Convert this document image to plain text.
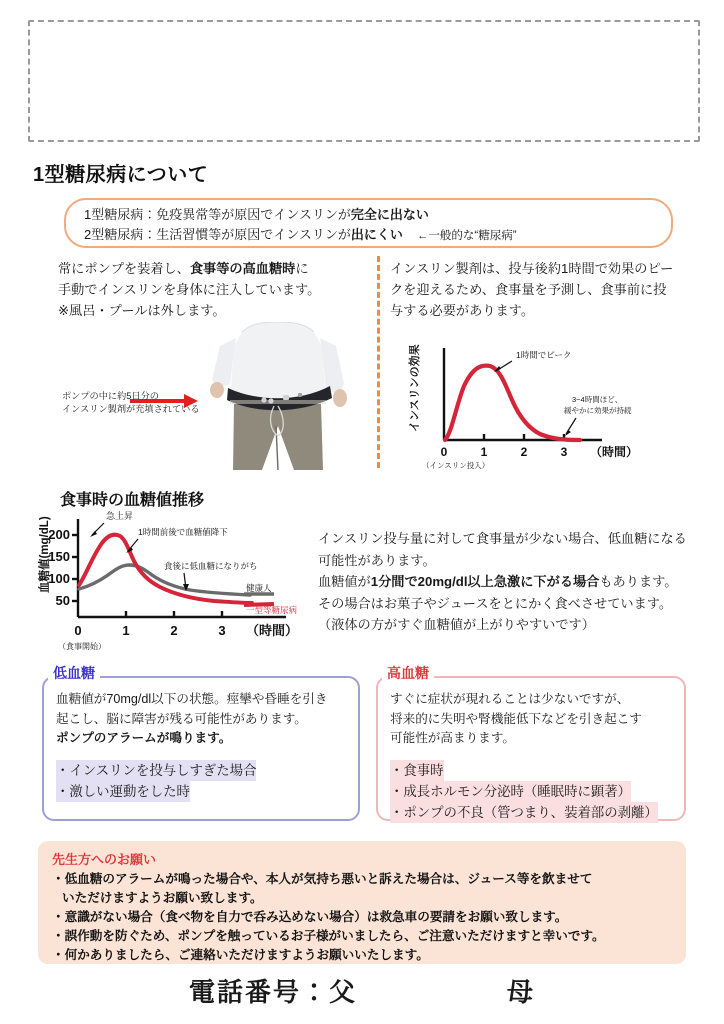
1型糖尿病について
1型糖尿病：免疫異常等が原因でインスリンが完全に出ない
2型糖尿病：生活習慣等が原因でインスリンが出にくい ←一般的な“糖尿病”
常にポンプを装着し、食事等の高血糖時に
手動でインスリンを身体に注入しています。
※風呂・プールは外します。
インスリン製剤は、投与後約1時間で効果のピー
クを迎えるため、食事量を予測し、食事前に投
与する必要があります。
ポンプの中に約5日分の
インスリン製剤が充填されている	インスリンの効果
0	1	2	3 （時間）
（インスリン投入）
1時間でピーク
3−4時間ほど、
緩やかに効果が持続
食事時の血糖値推移
血糖値(mg/dL)
200
150
100
50
0	1	2	3 （時間）
（食事開始）
急上昇
1時間前後で血糖値降下
食後に低血糖になりがち
健康人
一型等糖尿病
インスリン投与量に対して食事量が少ない場合、低血糖になる
可能性があります。
血糖値が1分間で20mg/dl以上急激に下がる場合もあります。
その場合はお菓子やジュースをとにかく食べさせています。
（液体の方がすぐ血糖値が上がりやすいです）
低血糖
血糖値が70mg/dl以下の状態。痙攣や昏睡を引き
起こし、脳に障害が残る可能性があります。
ポンプのアラームが鳴ります。
・インスリンを投与しすぎた場合
・激しい運動をした時
高血糖
すぐに症状が現れることは少ないですが、
将来的に失明や腎機能低下などを引き起こす
可能性が高まります。
・食事時
・成長ホルモン分泌時（睡眠時に顕著）
・ポンプの不良（管つまり、装着部の剥離）
先生方へのお願い
・低血糖のアラームが鳴った場合や、本人が気持ち悪いと訴えた場合は、ジュース等を飲ませて
いただけますようお願い致します。
・意識がない場合（食べ物を自力で呑み込めない場合）は救急車の要請をお願い致します。
・誤作動を防ぐため、ポンプを触っているお子様がいましたら、ご注意いただけますと幸いです。
・何かありましたら、ご連絡いただけますようお願いいたします。
電話番号：父	母
